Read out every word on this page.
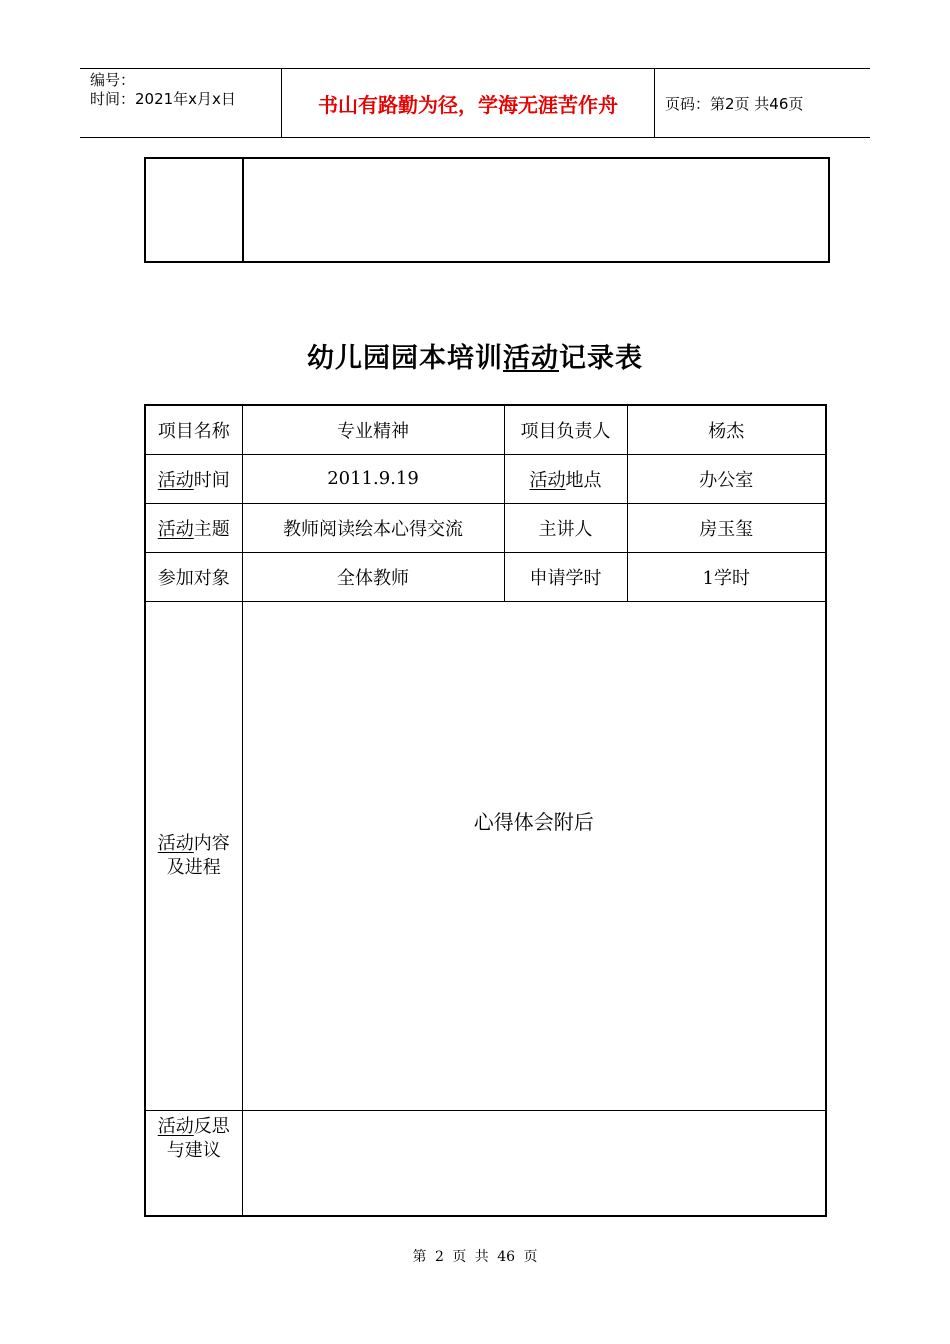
编号：
时间：2021年x月x日	书山有路勤为径，学海无涯苦作舟	页码：第2页 共46页
幼儿园园本培训活动记录表
项目名称	专业精神	项目负责人	杨杰
活动时间	2011.9.19	活动地点	办公室
活动主题	教师阅读绘本心得交流	主讲人	房玉玺
参加对象	全体教师	申请学时	1学时
活动内容
及进程	心得体会附后		
活动反思
与建议			
第 2 页 共 46 页
